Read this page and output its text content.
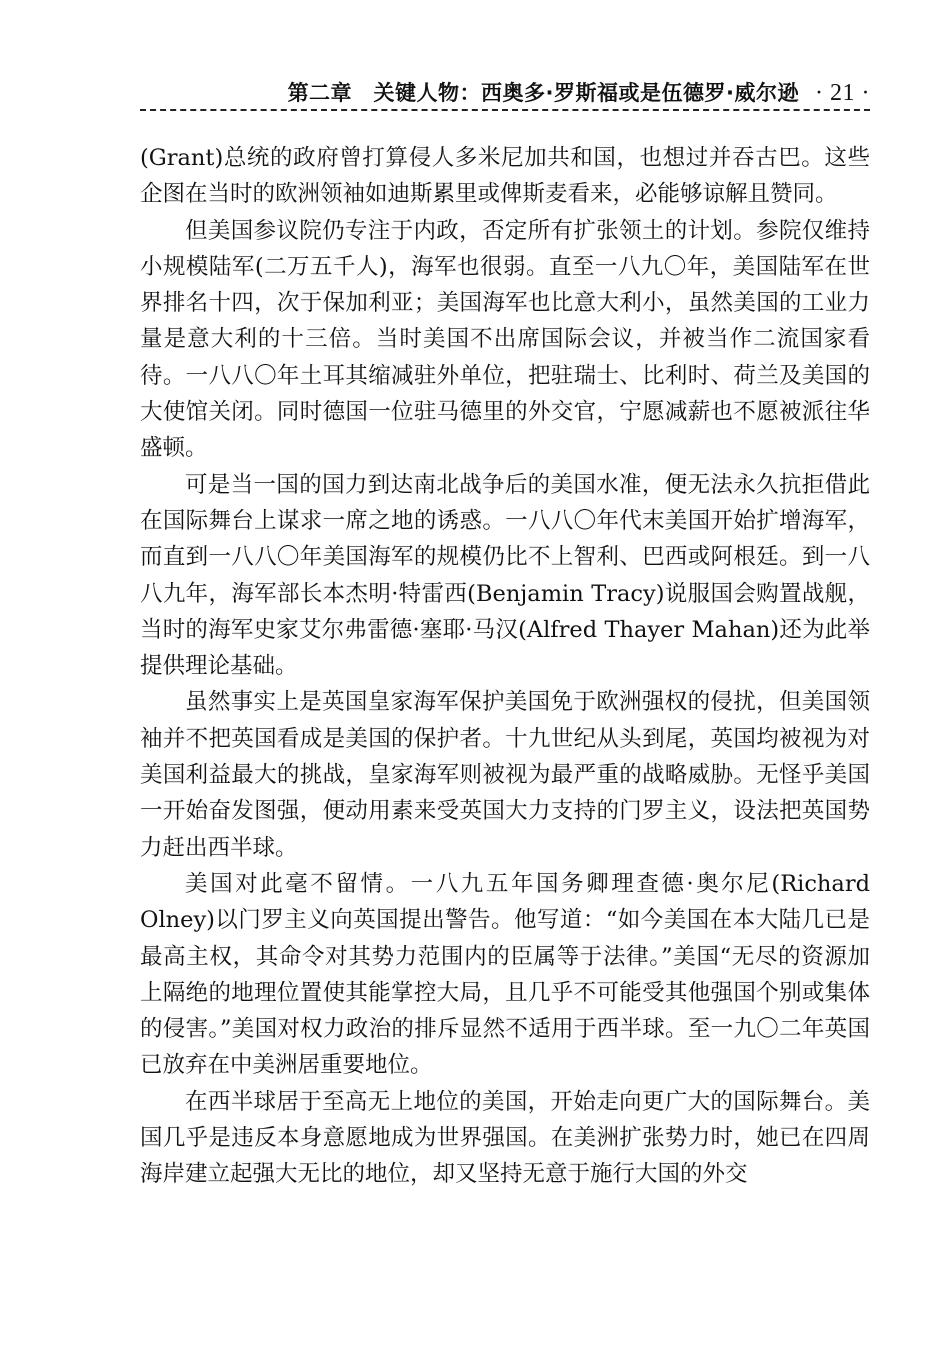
第二章　关键人物：西奥多·罗斯福或是伍德罗·威尔逊 · 21 ·

(Grant)总统的政府曾打算侵人多米尼加共和国，也想过并吞古巴。这些企图在当时的欧洲领袖如迪斯累里或俾斯麦看来，必能够谅解且赞同。

但美国参议院仍专注于内政，否定所有扩张领土的计划。参院仅维持小规模陆军(二万五千人)，海军也很弱。直至一八九〇年，美国陆军在世界排名十四，次于保加利亚；美国海军也比意大利小，虽然美国的工业力量是意大利的十三倍。当时美国不出席国际会议，并被当作二流国家看待。一八八〇年土耳其缩减驻外单位，把驻瑞士、比利时、荷兰及美国的大使馆关闭。同时德国一位驻马德里的外交官，宁愿减薪也不愿被派往华盛顿。

可是当一国的国力到达南北战争后的美国水准，便无法永久抗拒借此在国际舞台上谋求一席之地的诱惑。一八八〇年代末美国开始扩增海军，而直到一八八〇年美国海军的规模仍比不上智利、巴西或阿根廷。到一八八九年，海军部长本杰明·特雷西(Benjamin Tracy)说服国会购置战舰，当时的海军史家艾尔弗雷德·塞耶·马汉(Alfred Thayer Mahan)还为此举提供理论基础。

虽然事实上是英国皇家海军保护美国免于欧洲强权的侵扰，但美国领袖并不把英国看成是美国的保护者。十九世纪从头到尾，英国均被视为对美国利益最大的挑战，皇家海军则被视为最严重的战略威胁。无怪乎美国一开始奋发图强，便动用素来受英国大力支持的门罗主义，设法把英国势力赶出西半球。

美国对此毫不留情。一八九五年国务卿理查德·奥尔尼(Richard Olney)以门罗主义向英国提出警告。他写道：“如今美国在本大陆几已是最高主权，其命令对其势力范围内的臣属等于法律。”美国“无尽的资源加上隔绝的地理位置使其能掌控大局，且几乎不可能受其他强国个别或集体的侵害。”美国对权力政治的排斥显然不适用于西半球。至一九〇二年英国已放弃在中美洲居重要地位。

在西半球居于至高无上地位的美国，开始走向更广大的国际舞台。美国几乎是违反本身意愿地成为世界强国。在美洲扩张势力时，她已在四周海岸建立起强大无比的地位，却又坚持无意于施行大国的外交
